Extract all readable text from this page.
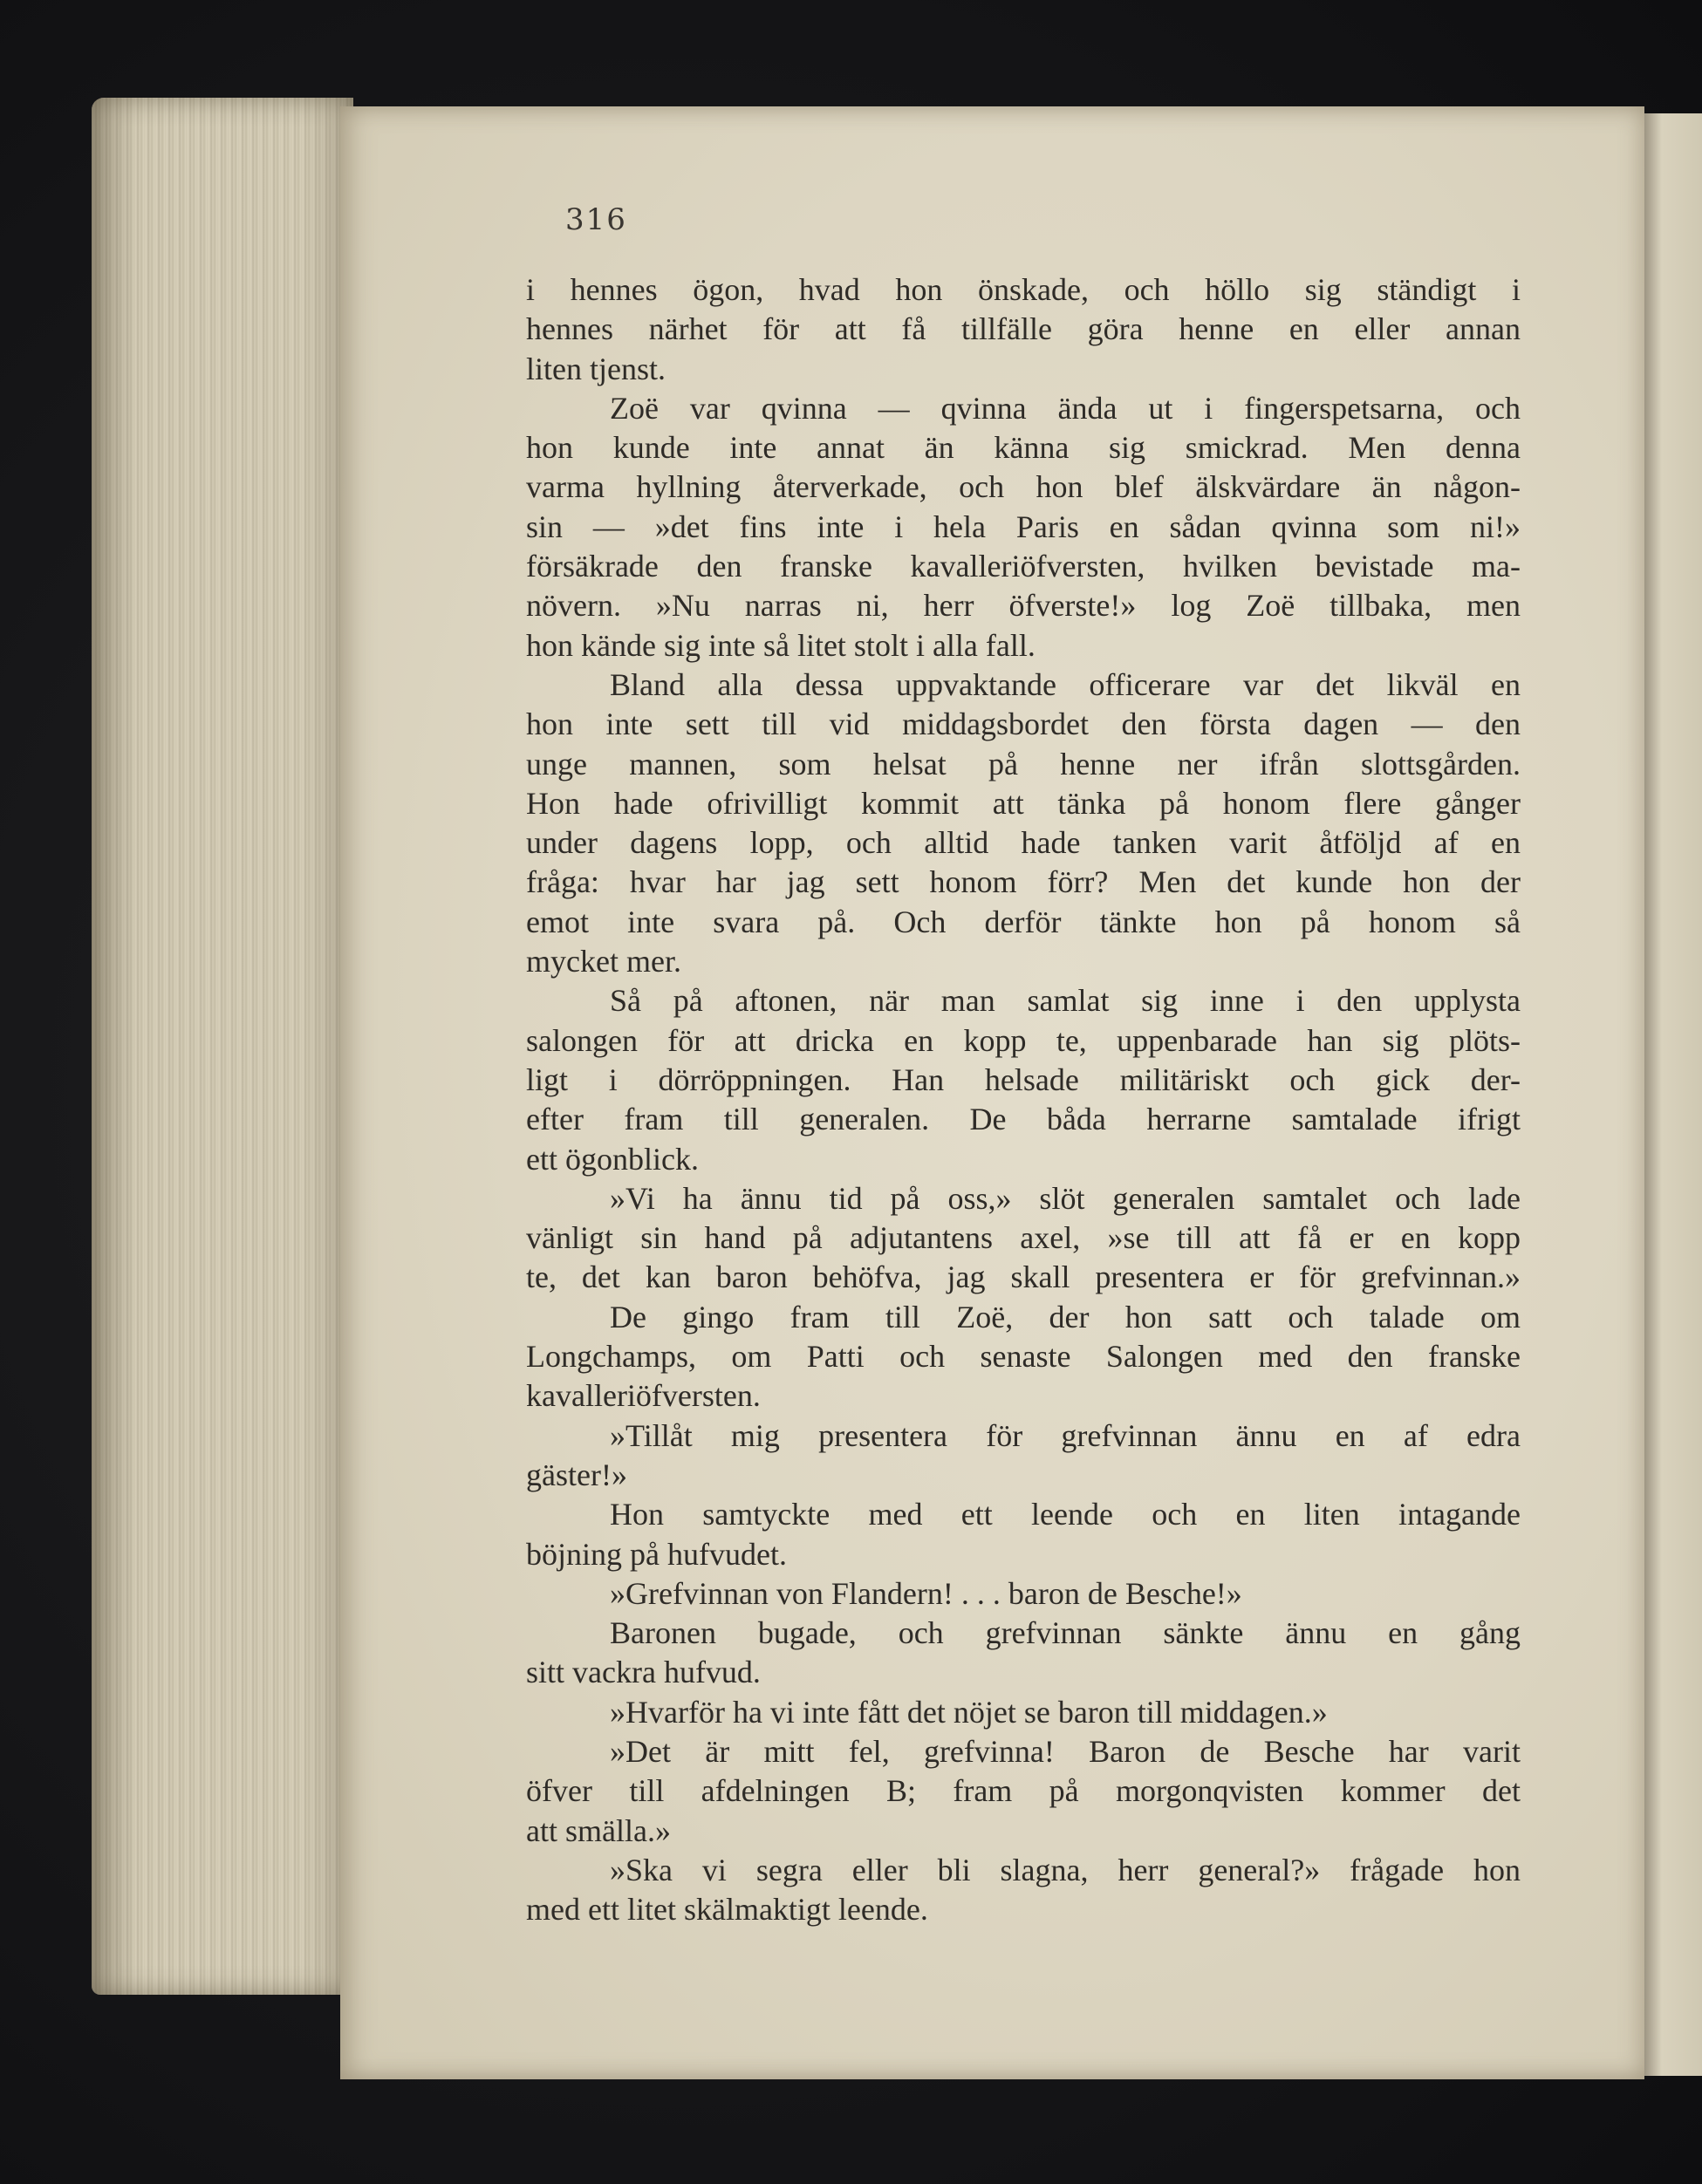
316
i hennes ögon, hvad hon önskade, och höllo sig ständigt i
hennes närhet för att få tillfälle göra henne en eller annan
liten tjenst.
Zoë var qvinna — qvinna ända ut i fingerspetsarna, och
hon kunde inte annat än känna sig smickrad. Men denna
varma hyllning återverkade, och hon blef älskvärdare än någon-
sin — »det fins inte i hela Paris en sådan qvinna som ni!»
försäkrade den franske kavalleriöfversten, hvilken bevistade ma-
növern. »Nu narras ni, herr öfverste!» log Zoë tillbaka, men
hon kände sig inte så litet stolt i alla fall.
Bland alla dessa uppvaktande officerare var det likväl en
hon inte sett till vid middagsbordet den första dagen — den
unge mannen, som helsat på henne ner ifrån slottsgården.
Hon hade ofrivilligt kommit att tänka på honom flere gånger
under dagens lopp, och alltid hade tanken varit åtföljd af en
fråga: hvar har jag sett honom förr? Men det kunde hon der
emot inte svara på. Och derför tänkte hon på honom så
mycket mer.
Så på aftonen, när man samlat sig inne i den upplysta
salongen för att dricka en kopp te, uppenbarade han sig plöts-
ligt i dörröppningen. Han helsade militäriskt och gick der-
efter fram till generalen. De båda herrarne samtalade ifrigt
ett ögonblick.
»Vi ha ännu tid på oss,» slöt generalen samtalet och lade
vänligt sin hand på adjutantens axel, »se till att få er en kopp
te, det kan baron behöfva, jag skall presentera er för grefvinnan.»
De gingo fram till Zoë, der hon satt och talade om
Longchamps, om Patti och senaste Salongen med den franske
kavalleriöfversten.
»Tillåt mig presentera för grefvinnan ännu en af edra
gäster!»
Hon samtyckte med ett leende och en liten intagande
böjning på hufvudet.
»Grefvinnan von Flandern! . . . baron de Besche!»
Baronen bugade, och grefvinnan sänkte ännu en gång
sitt vackra hufvud.
»Hvarför ha vi inte fått det nöjet se baron till middagen.»
»Det är mitt fel, grefvinna! Baron de Besche har varit
öfver till afdelningen B; fram på morgonqvisten kommer det
att smälla.»
»Ska vi segra eller bli slagna, herr general?» frågade hon
med ett litet skälmaktigt leende.
